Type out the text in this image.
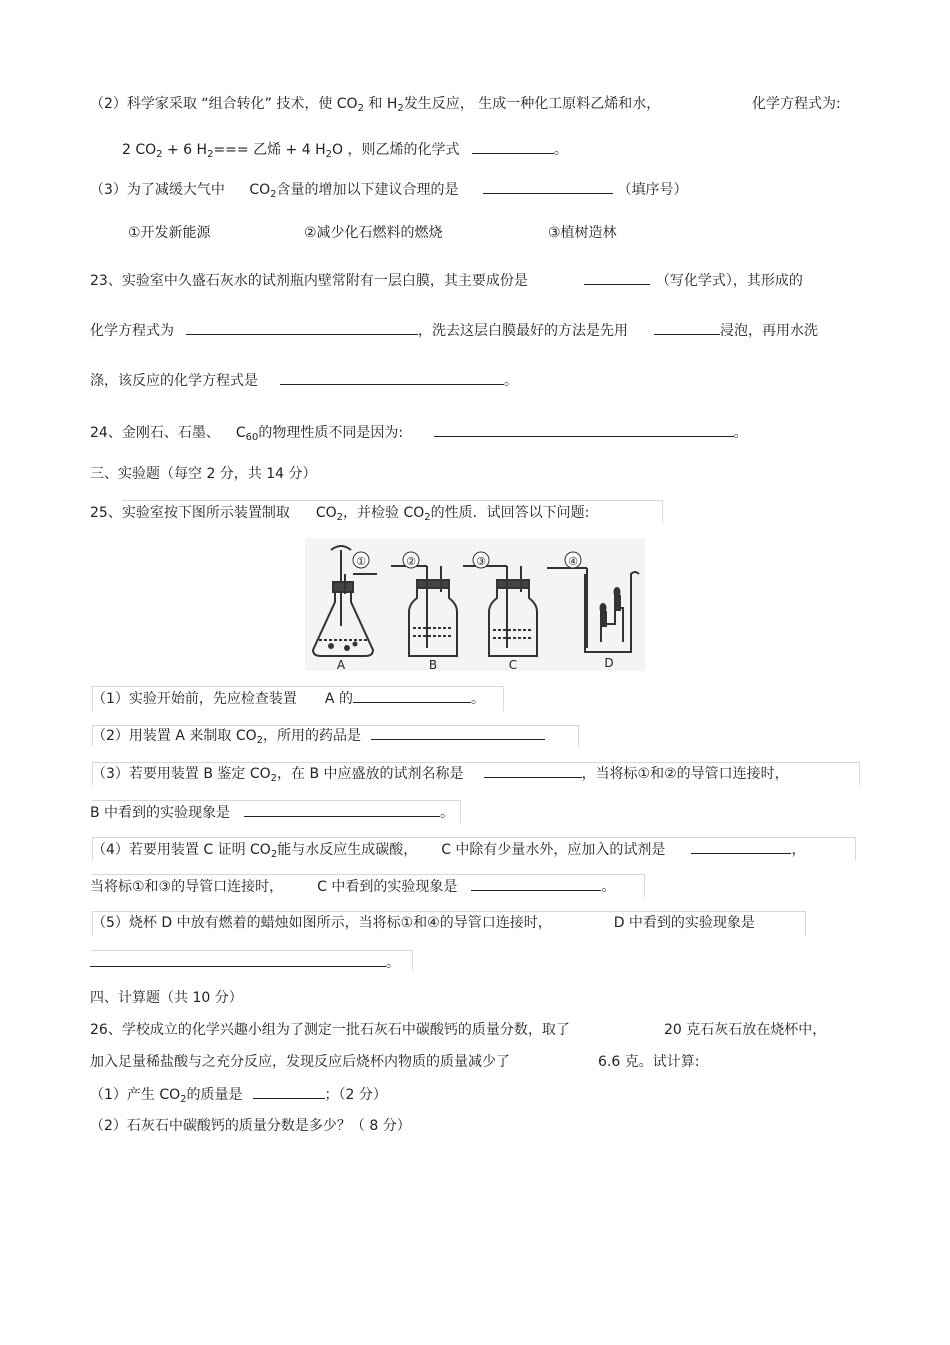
（2）科学家采取 “组合转化” 技术，使 $CO_2$ 和 $H_2$发生反应， 生成一种化工原料乙烯和水，	化学方程式为:
2 $CO_2 + 6$ $H_2===$ 乙烯 + 4 $H_2O$ ，则乙烯的化学式	。
（3）为了减缓大气中 $CO_2$含量的增加以下建议合理的是	（填序号）
①开发新能源	②减少化石燃料的燃烧	③植树造林
23、实验室中久盛石灰水的试剂瓶内壁常附有一层白膜，其主要成份是	（写化学式），其形成的
化学方程式为	，洗去这层白膜最好的方法是先用	浸泡，再用水洗
涤，该反应的化学方程式是	。
24、金刚石、石墨、 $C_{60}$的物理性质不同是因为:	。
三、实验题（每空 2 分，共 14 分）
25、实验室按下图所示装置制取 $CO_2$，并检验 $CO_2$的性质．试回答以下问题:
①	②	③	④
A	B	C	D
（1）实验开始前，先应检查装置 A 的	。
（2）用装置 A 来制取 $CO_2$，所用的药品是
（3）若要用装置 B 鉴定 $CO_2$，在 B 中应盛放的试剂名称是	，当将标①和②的导管口连接时，
B 中看到的实验现象是	。
（4）若要用装置 C 证明 $CO_2$能与水反应生成碳酸， C 中除有少量水外，应加入的试剂是	，
当将标①和③的导管口连接时， C 中看到的实验现象是	。
（5）烧杯 D 中放有燃着的蜡烛如图所示，当将标①和④的导管口连接时，	D 中看到的实验现象是
。
四、计算题（共 10 分）
26、学校成立的化学兴趣小组为了测定一批石灰石中碳酸钙的质量分数，取了	20 克石灰石放在烧杯中，
加入足量稀盐酸与之充分反应，发现反应后烧杯内物质的质量减少了	6.6 克。试计算:
（1）产生 $CO_2$的质量是	；（2 分）
（2）石灰石中碳酸钙的质量分数是多少？（ 8 分）
